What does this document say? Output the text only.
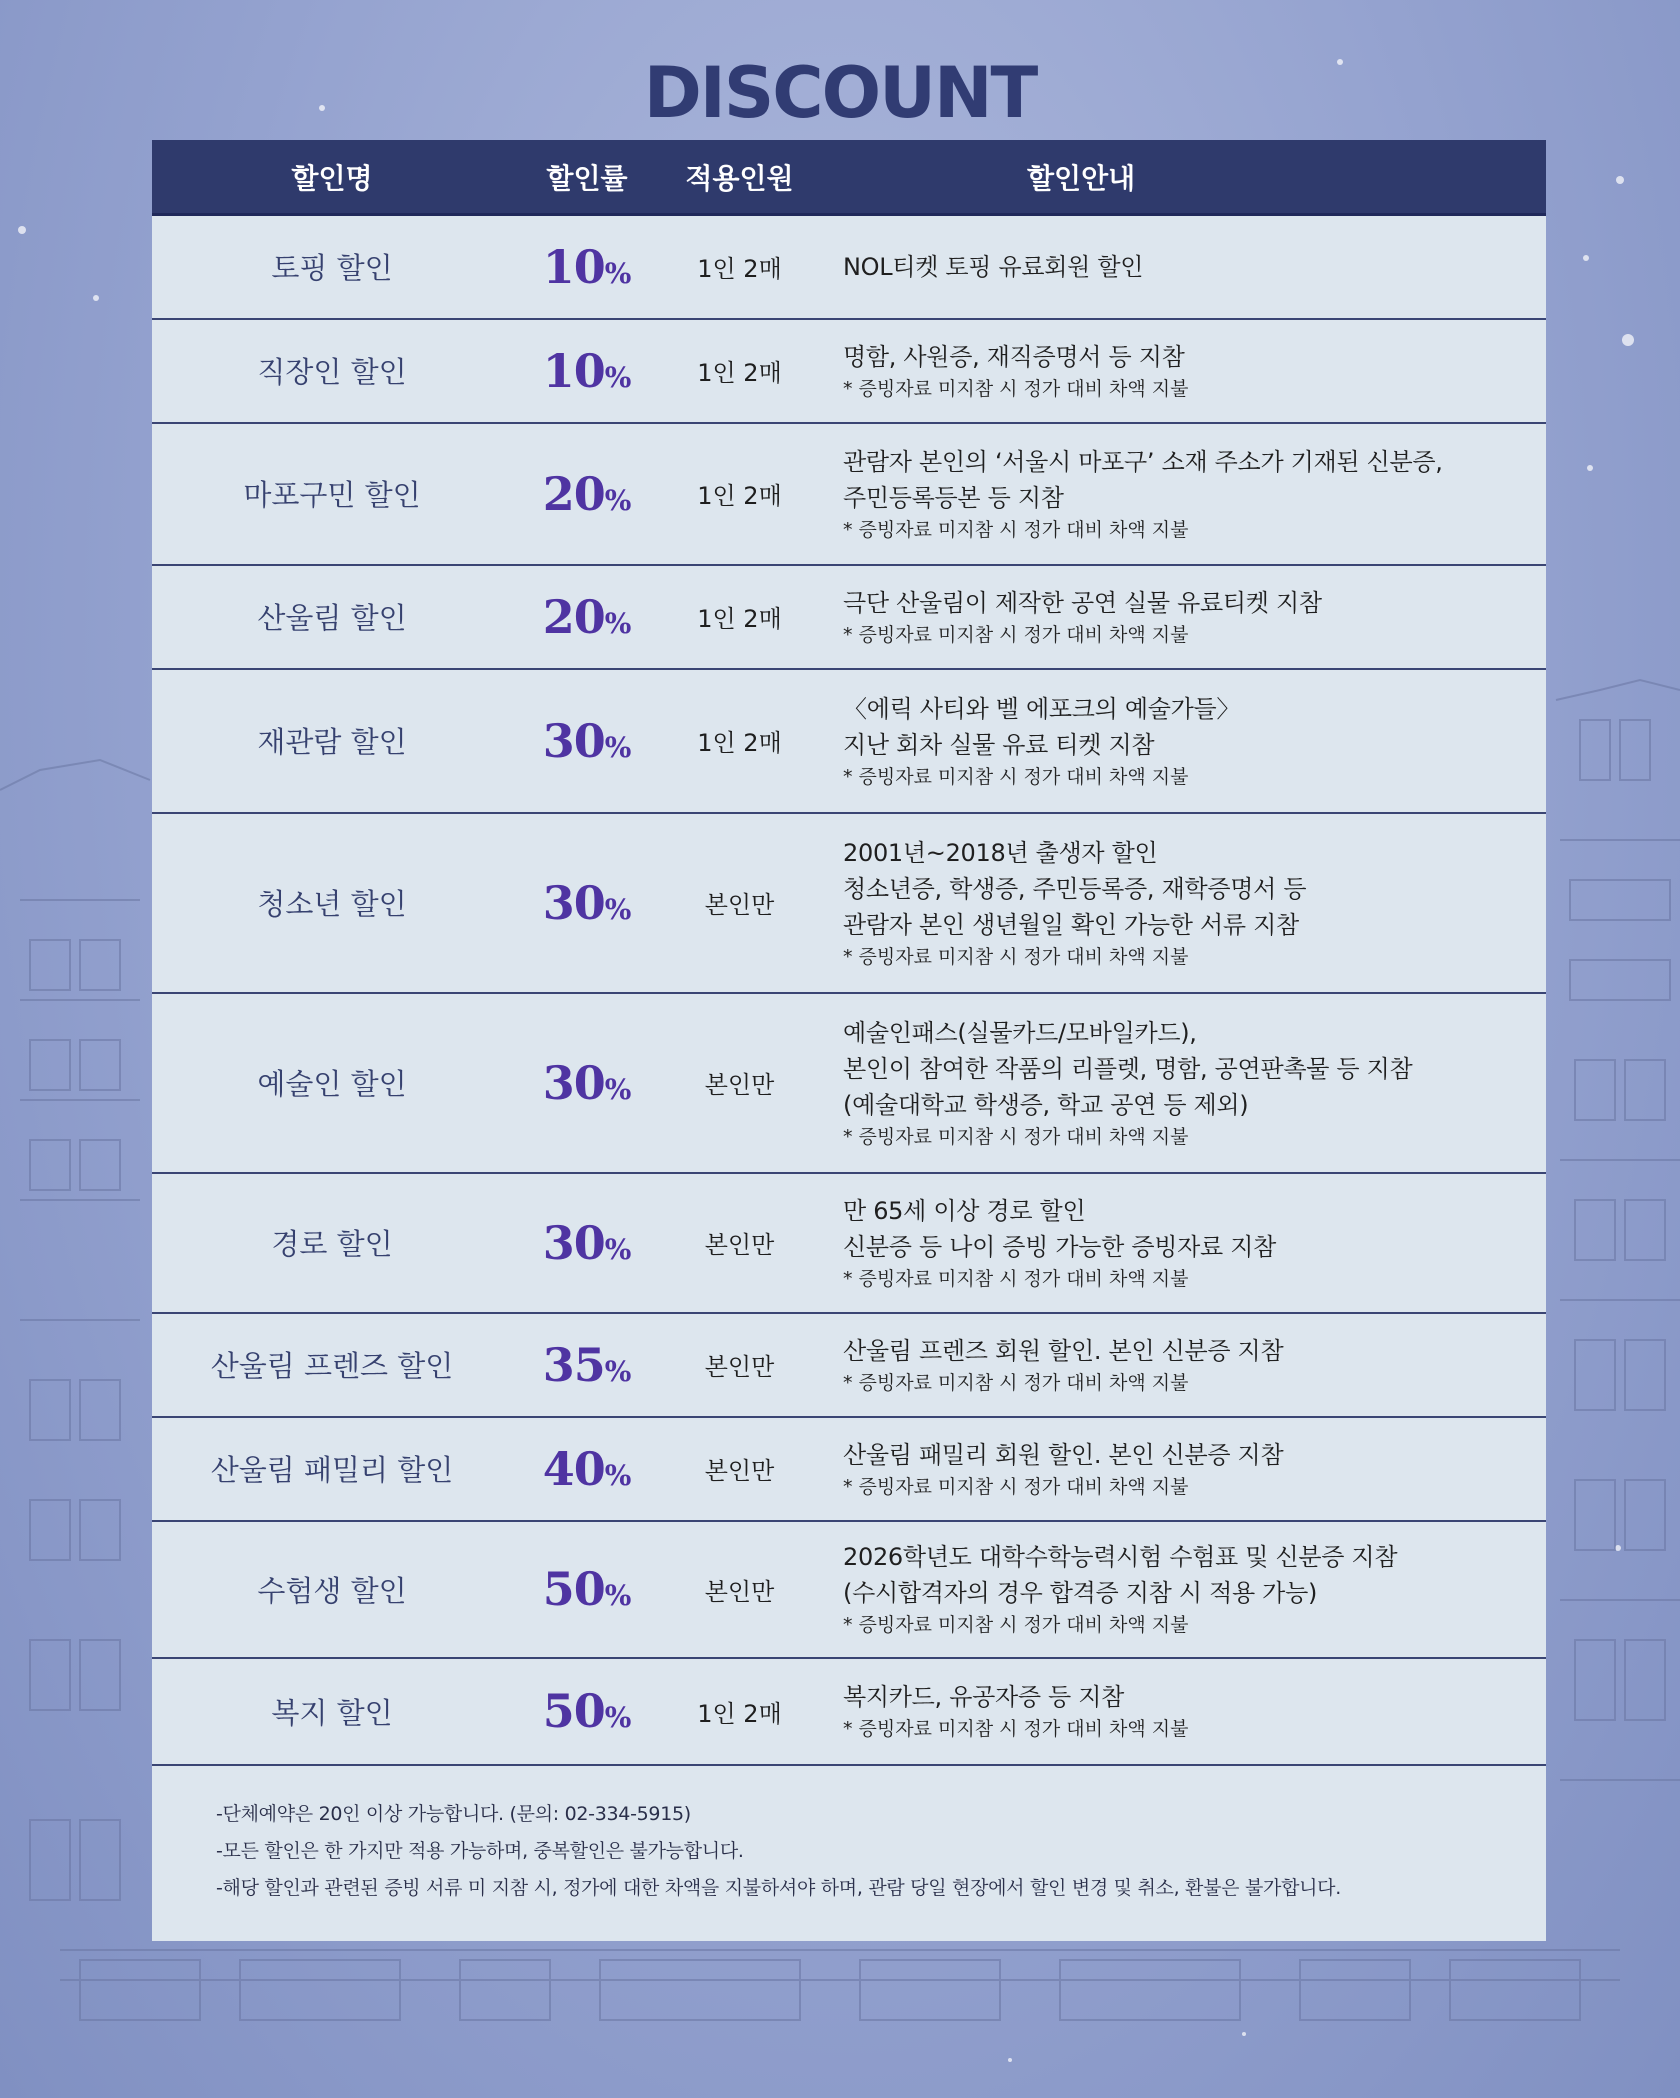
DISCOUNT
할인명	할인률	적용인원	할인안내
토핑 할인	10%	1인 2매	NOL티켓 토핑 유료회원 할인

직장인 할인	10%	1인 2매	명함, 사원증, 재직증명서 등 지참
* 증빙자료 미지참 시 정가 대비 차액 지불

마포구민 할인	20%	1인 2매	관람자 본인의 ‘서울시 마포구’ 소재 주소가 기재된 신분증,
주민등록등본 등 지참
* 증빙자료 미지참 시 정가 대비 차액 지불

산울림 할인	20%	1인 2매	극단 산울림이 제작한 공연 실물 유료티켓 지참
* 증빙자료 미지참 시 정가 대비 차액 지불

재관람 할인	30%	1인 2매	〈에릭 사티와 벨 에포크의 예술가들〉
지난 회차 실물 유료 티켓 지참
* 증빙자료 미지참 시 정가 대비 차액 지불

청소년 할인	30%	본인만	2001년~2018년 출생자 할인
청소년증, 학생증, 주민등록증, 재학증명서 등
관람자 본인 생년월일 확인 가능한 서류 지참
* 증빙자료 미지참 시 정가 대비 차액 지불

예술인 할인	30%	본인만	예술인패스(실물카드/모바일카드),
본인이 참여한 작품의 리플렛, 명함, 공연판촉물 등 지참
(예술대학교 학생증, 학교 공연 등 제외)
* 증빙자료 미지참 시 정가 대비 차액 지불

경로 할인	30%	본인만	만 65세 이상 경로 할인
신분증 등 나이 증빙 가능한 증빙자료 지참
* 증빙자료 미지참 시 정가 대비 차액 지불

산울림 프렌즈 할인	35%	본인만	산울림 프렌즈 회원 할인. 본인 신분증 지참
* 증빙자료 미지참 시 정가 대비 차액 지불

산울림 패밀리 할인	40%	본인만	산울림 패밀리 회원 할인. 본인 신분증 지참
* 증빙자료 미지참 시 정가 대비 차액 지불

수험생 할인	50%	본인만	2026학년도 대학수학능력시험 수험표 및 신분증 지참
(수시합격자의 경우 합격증 지참 시 적용 가능)
* 증빙자료 미지참 시 정가 대비 차액 지불

복지 할인	50%	1인 2매	복지카드, 유공자증 등 지참
* 증빙자료 미지참 시 정가 대비 차액 지불
-단체예약은 20인 이상 가능합니다. (문의: 02-334-5915)
-모든 할인은 한 가지만 적용 가능하며, 중복할인은 불가능합니다.
-해당 할인과 관련된 증빙 서류 미 지참 시, 정가에 대한 차액을 지불하셔야 하며, 관람 당일 현장에서 할인 변경 및 취소, 환불은 불가합니다.
